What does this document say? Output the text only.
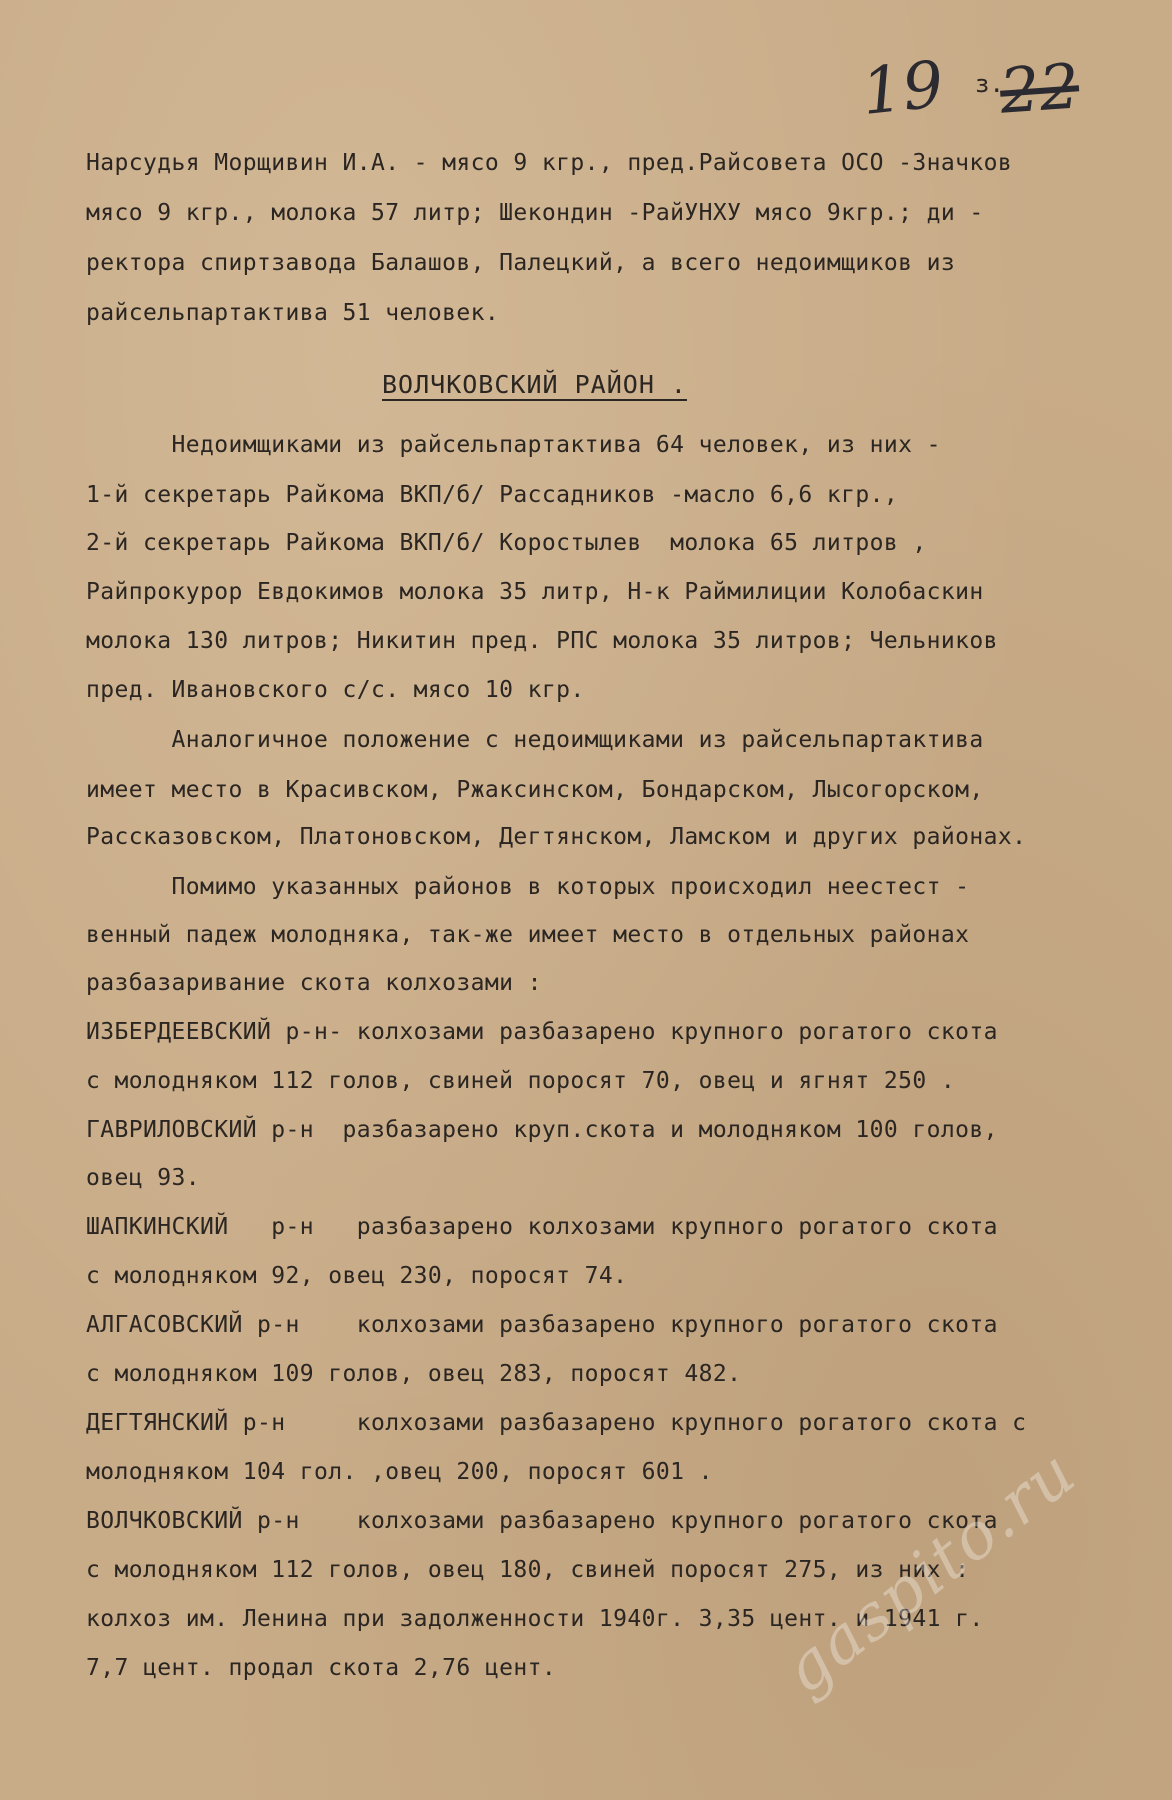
19 з.
22
Нарсудья Морщивин И.А. - мясо 9 кгр., пред.Райсовета ОСО -Значков
мясо 9 кгр., молока 57 литр; Шекондин -РайУНХУ мясо 9кгр.; ди -
ректора спиртзавода Балашов, Палецкий, а всего недоимщиков из
райсельпартактива 51 человек.
ВОЛЧКОВСКИЙ РАЙОН .
Недоимщиками из райсельпартактива 64 человек, из них -
1-й секретарь Райкома ВКП/б/ Рассадников -масло 6,6 кгр.,
2-й секретарь Райкома ВКП/б/ Коростылев  молока 65 литров ,
Райпрокурор Евдокимов молока 35 литр, Н-к Раймилиции Колобаскин
молока 130 литров; Никитин пред. РПС молока 35 литров; Чельников
пред. Ивановского с/с. мясо 10 кгр.
Аналогичное положение с недоимщиками из райсельпартактива
имеет место в Красивском, Ржаксинском, Бондарском, Лысогорском,
Рассказовском, Платоновском, Дегтянском, Ламском и других районах.
Помимо указанных районов в которых происходил неестест -
венный падеж молодняка, так-же имеет место в отдельных районах
разбазаривание скота колхозами :
ИЗБЕРДЕЕВСКИЙ р-н- колхозами разбазарено крупного рогатого скота
с молодняком 112 голов, свиней поросят 70, овец и ягнят 250 .
ГАВРИЛОВСКИЙ р-н  разбазарено круп.скота и молодняком 100 голов,
овец 93.
ШАПКИНСКИЙ   р-н   разбазарено колхозами крупного рогатого скота
с молодняком 92, овец 230, поросят 74.
АЛГАСОВСКИЙ р-н    колхозами разбазарено крупного рогатого скота
с молодняком 109 голов, овец 283, поросят 482.
ДЕГТЯНСКИЙ р-н     колхозами разбазарено крупного рогатого скота с
молодняком 104 гол. ,овец 200, поросят 601 .
ВОЛЧКОВСКИЙ р-н    колхозами разбазарено крупного рогатого скота
с молодняком 112 голов, овец 180, свиней поросят 275, из них :
колхоз им. Ленина при задолженности 1940г. 3,35 цент. и 1941 г.
7,7 цент. продал скота 2,76 цент.	gaspito.ru
